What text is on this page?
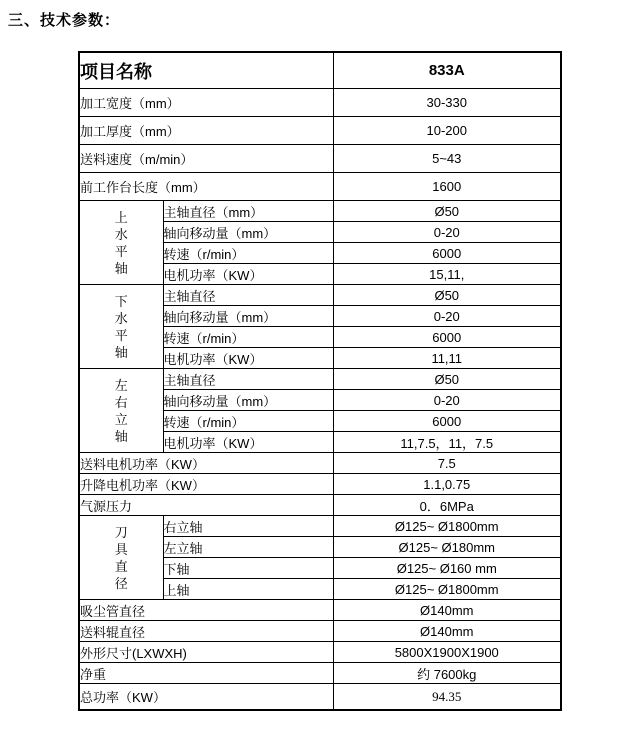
三、技术参数：
项目名称		833A
加工宽度（mm）		30-330
加工厚度（mm）		10-200
送料速度（m/min）		5~43
前工作台长度（mm）		1600

上水平轴	主轴直径（mm）	Ø50
	轴向移动量（mm）	0-20
	转速（r/min）	6000
	电机功率（KW）	15,11,

下水平轴	主轴直径	Ø50
	轴向移动量（mm）	0-20
	转速（r/min）	6000
	电机功率（KW）	11,11

左右立轴	主轴直径	Ø50
	轴向移动量（mm）	0-20
	转速（r/min）	6000
	电机功率（KW）	11,7.5，11，7.5
送料电机功率（KW）		7.5
升降电机功率（KW）		1.1,0.75
气源压力		0．6MPa

刀具直径	右立轴	Ø125~ Ø1800mm
	左立轴	Ø125~ Ø180mm
	下轴	Ø125~ Ø160 mm
	上轴	Ø125~ Ø1800mm
吸尘管直径		Ø140mm
送料辊直径		Ø140mm
外形尺寸(LXWXH)		5800X1900X1900
净重		约 7600kg
总功率（KW）		94.35
